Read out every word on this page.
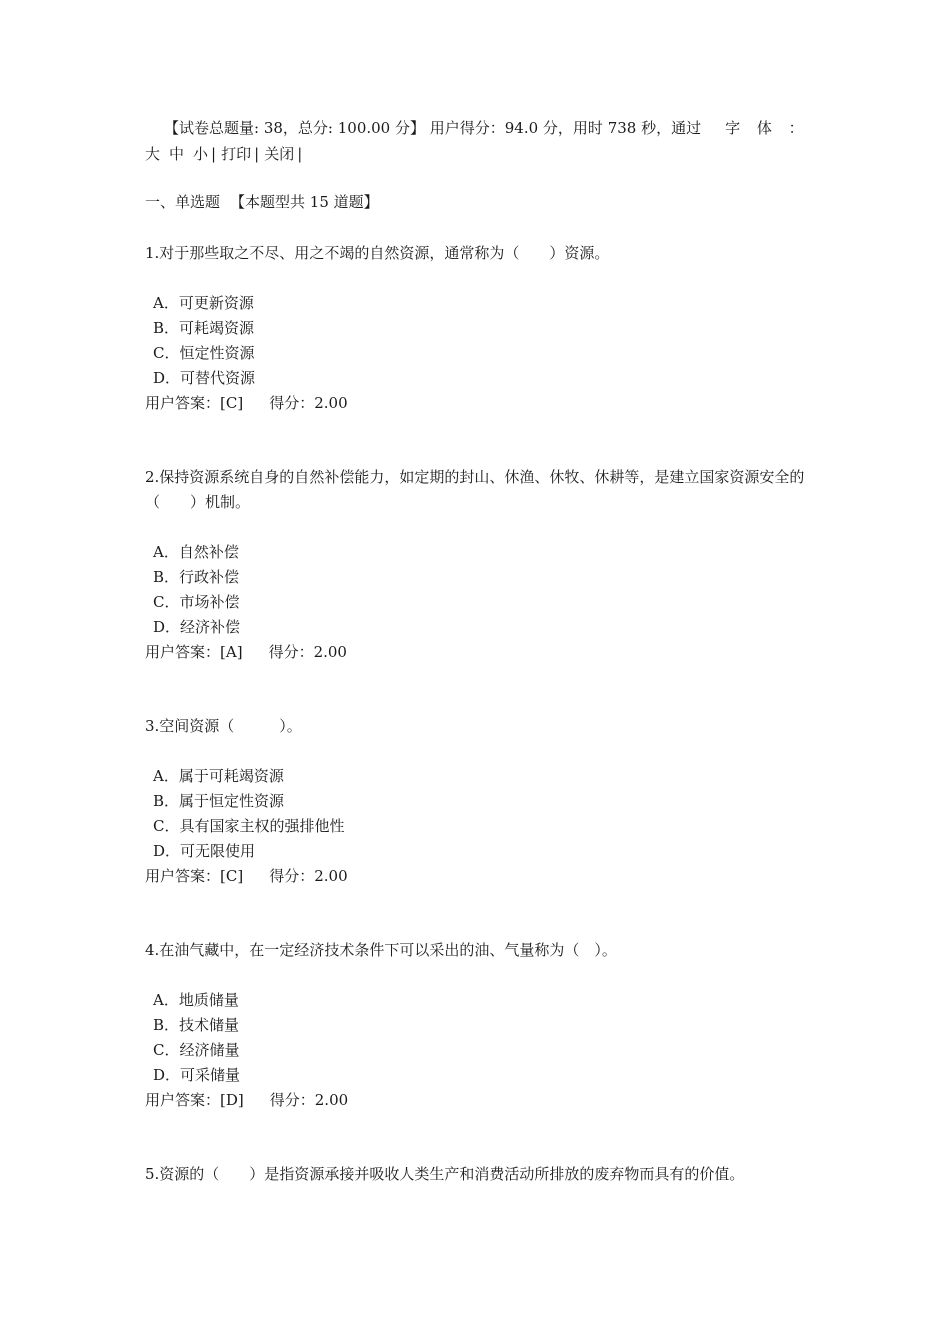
【试卷总题量: 38，总分: 100.00 分】 用户得分：94.0 分，用时 738 秒，通过 字 体 ：
大 中 小 | 打印 | 关闭 |
一、单选题 【本题型共 15 道题】
1.对于那些取之不尽、用之不竭的自然资源，通常称为（　　）资源。
A．可更新资源
B．可耗竭资源
C．恒定性资源
D．可替代资源
用户答案：[C] 得分：2.00
2.保持资源系统自身的自然补偿能力，如定期的封山、休渔、休牧、休耕等，是建立国家资源安全的（　　）机制。
A．自然补偿
B．行政补偿
C．市场补偿
D．经济补偿
用户答案：[A] 得分：2.00
3.空间资源（　　　）。
A．属于可耗竭资源
B．属于恒定性资源
C．具有国家主权的强排他性
D．可无限使用
用户答案：[C] 得分：2.00
4.在油气藏中，在一定经济技术条件下可以采出的油、气量称为（　）。
A．地质储量
B．技术储量
C．经济储量
D．可采储量
用户答案：[D] 得分：2.00
5.资源的（　　）是指资源承接并吸收人类生产和消费活动所排放的废弃物而具有的价值。
